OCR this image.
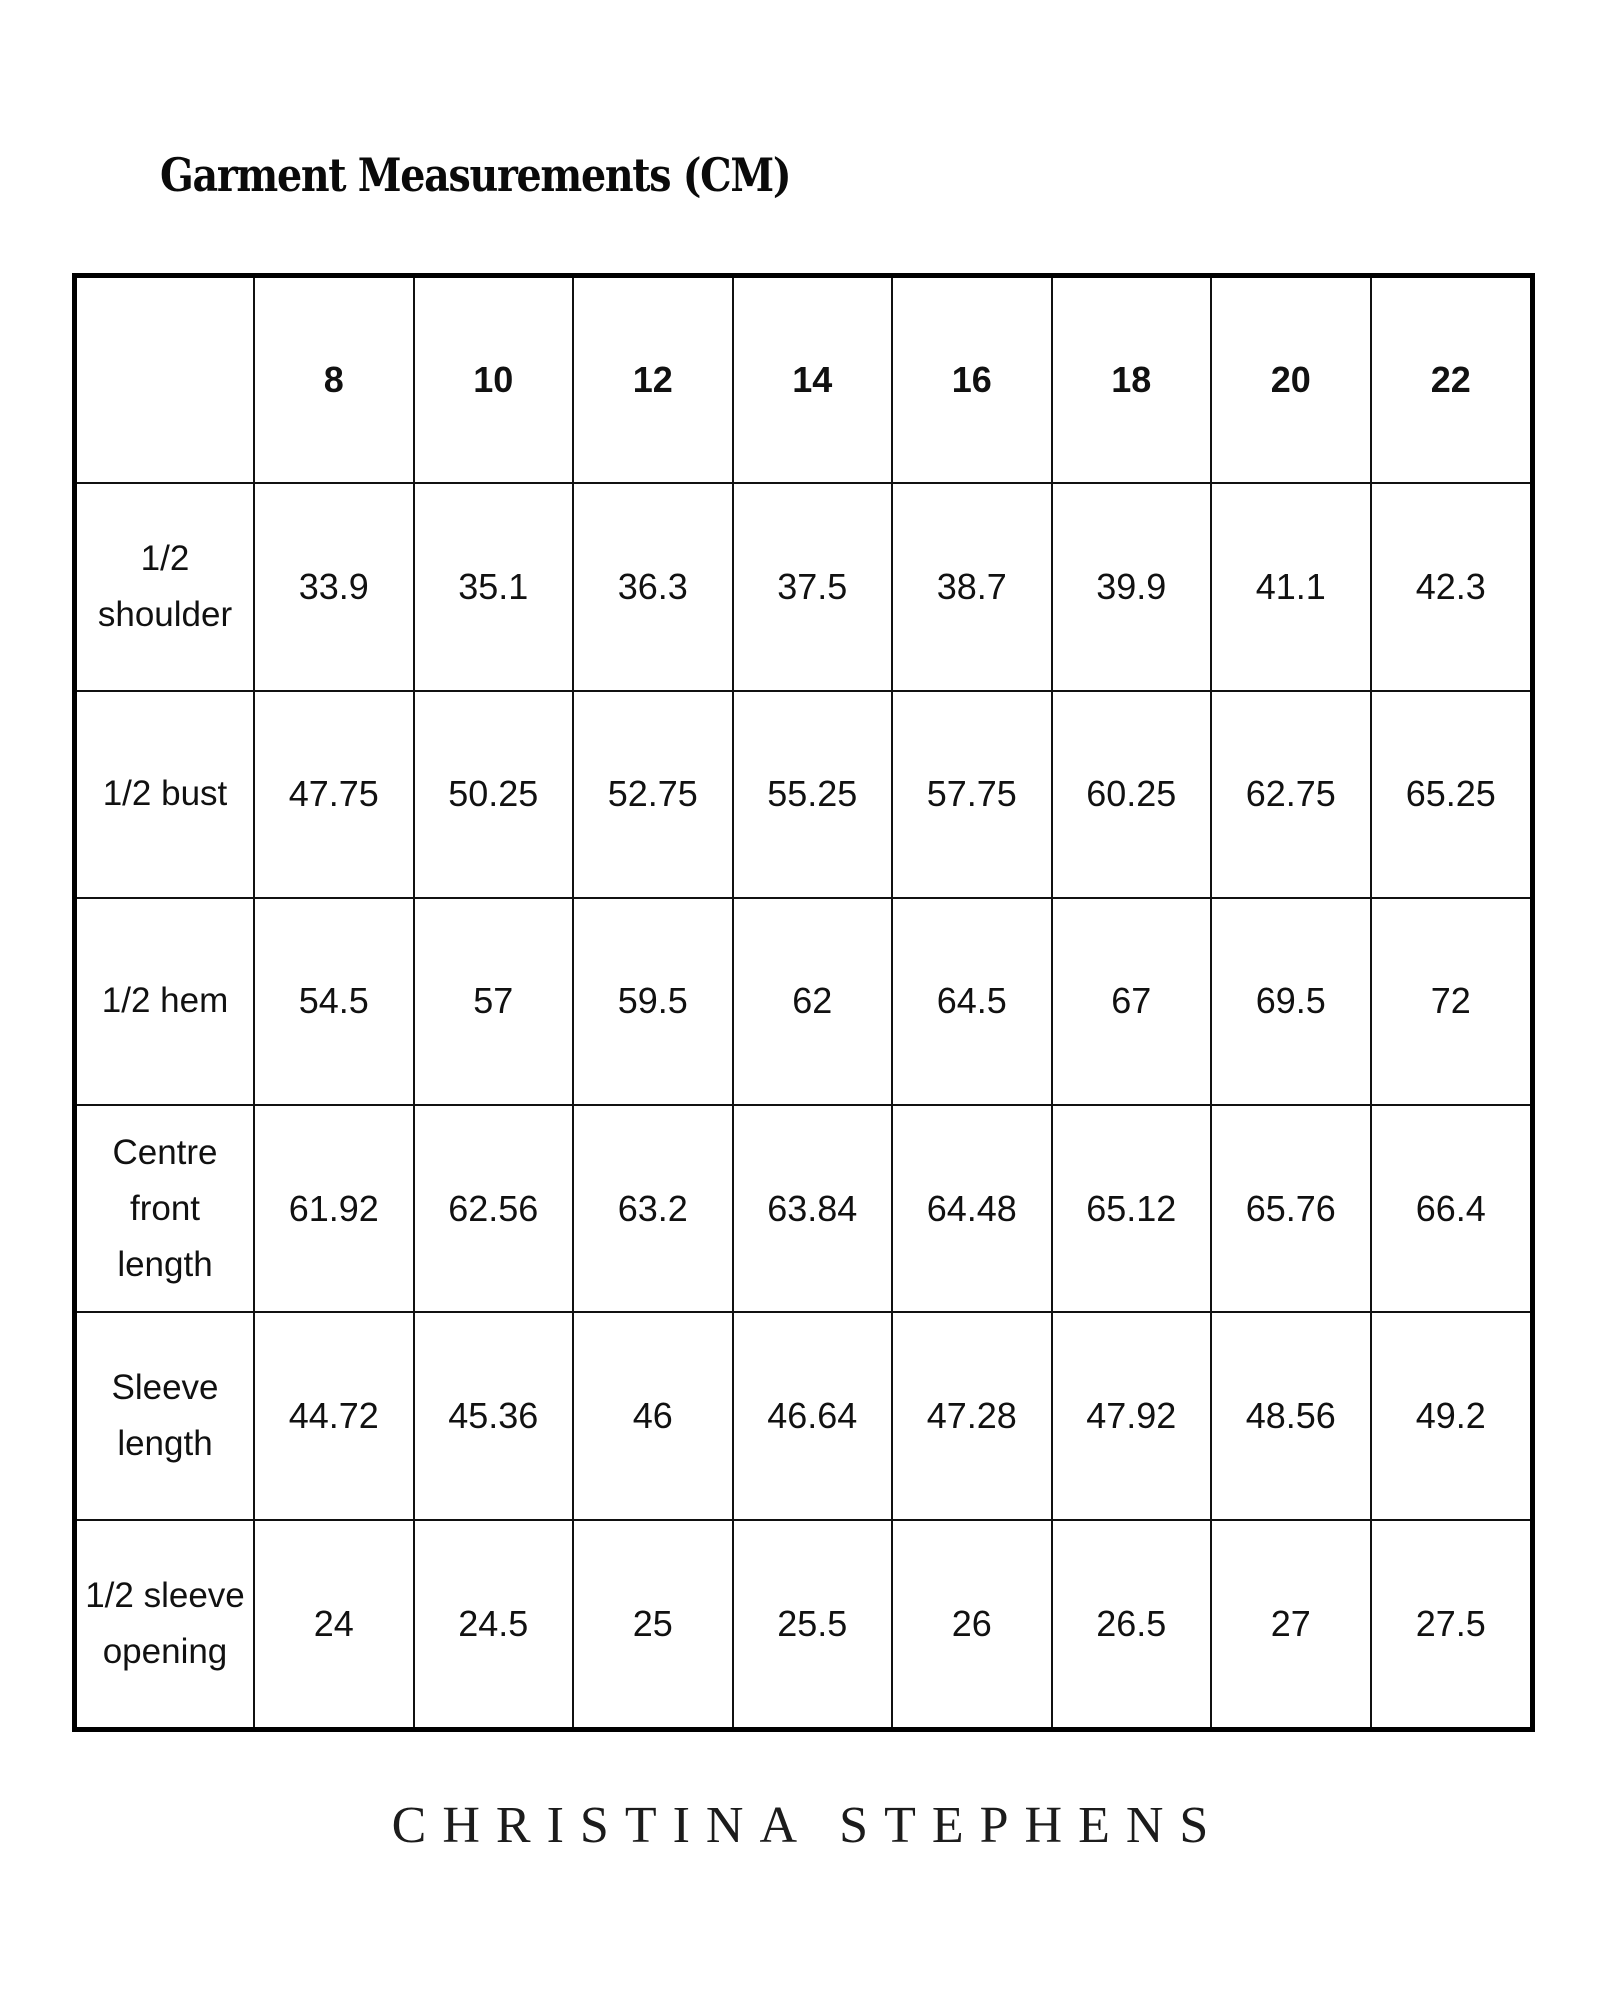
Garment Measurements (CM)
	8	10	12	14	16	18	20	22
1/2 shoulder	33.9	35.1	36.3	37.5	38.7	39.9	41.1	42.3
1/2 bust	47.75	50.25	52.75	55.25	57.75	60.25	62.75	65.25
1/2 hem	54.5	57	59.5	62	64.5	67	69.5	72
Centre front length	61.92	62.56	63.2	63.84	64.48	65.12	65.76	66.4
Sleeve length	44.72	45.36	46	46.64	47.28	47.92	48.56	49.2
1/2 sleeve opening	24	24.5	25	25.5	26	26.5	27	27.5
CHRISTINA STEPHENS
